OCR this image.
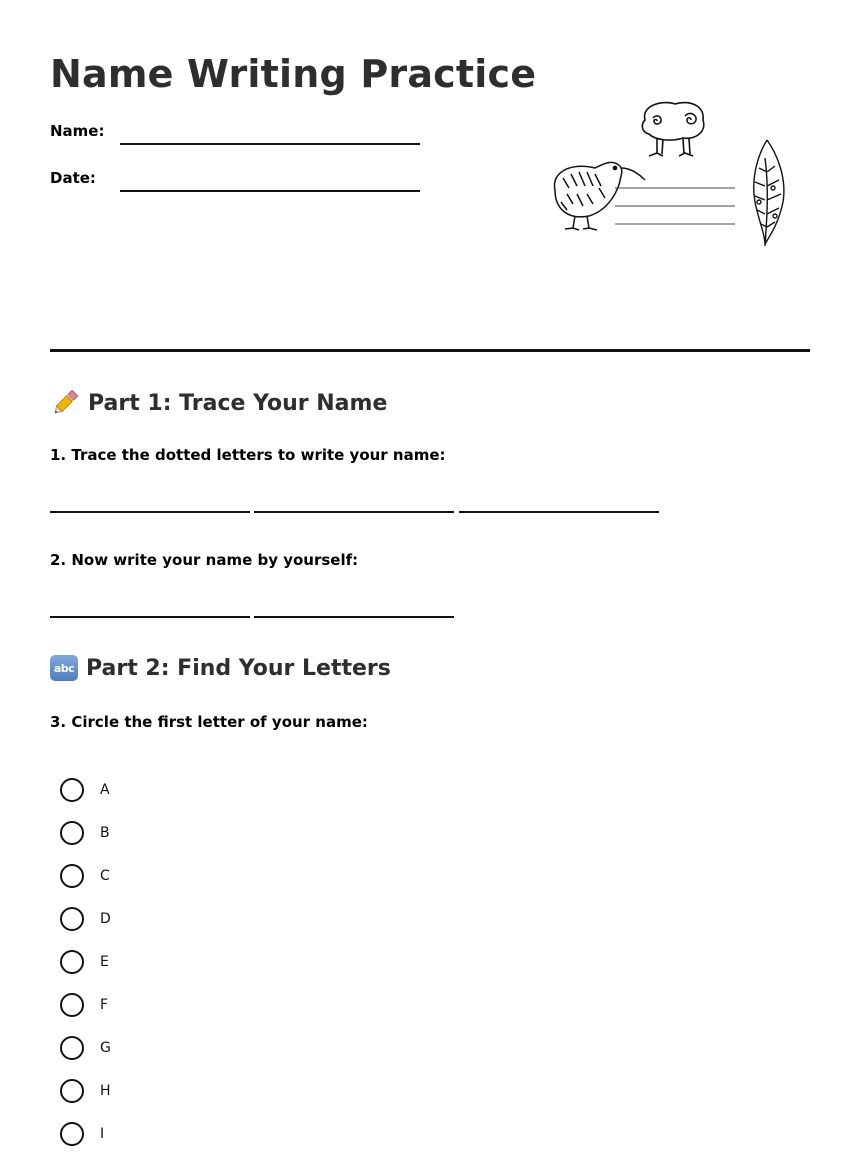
Name Writing Practice
Name:
Date:
Part 1: Trace Your Name

1. Trace the dotted letters to write your name:

2. Now write your name by yourself:

abc Part 2: Find Your Letters

3. Circle the first letter of your name:

A
B
C
D
E
F
G
H
I
